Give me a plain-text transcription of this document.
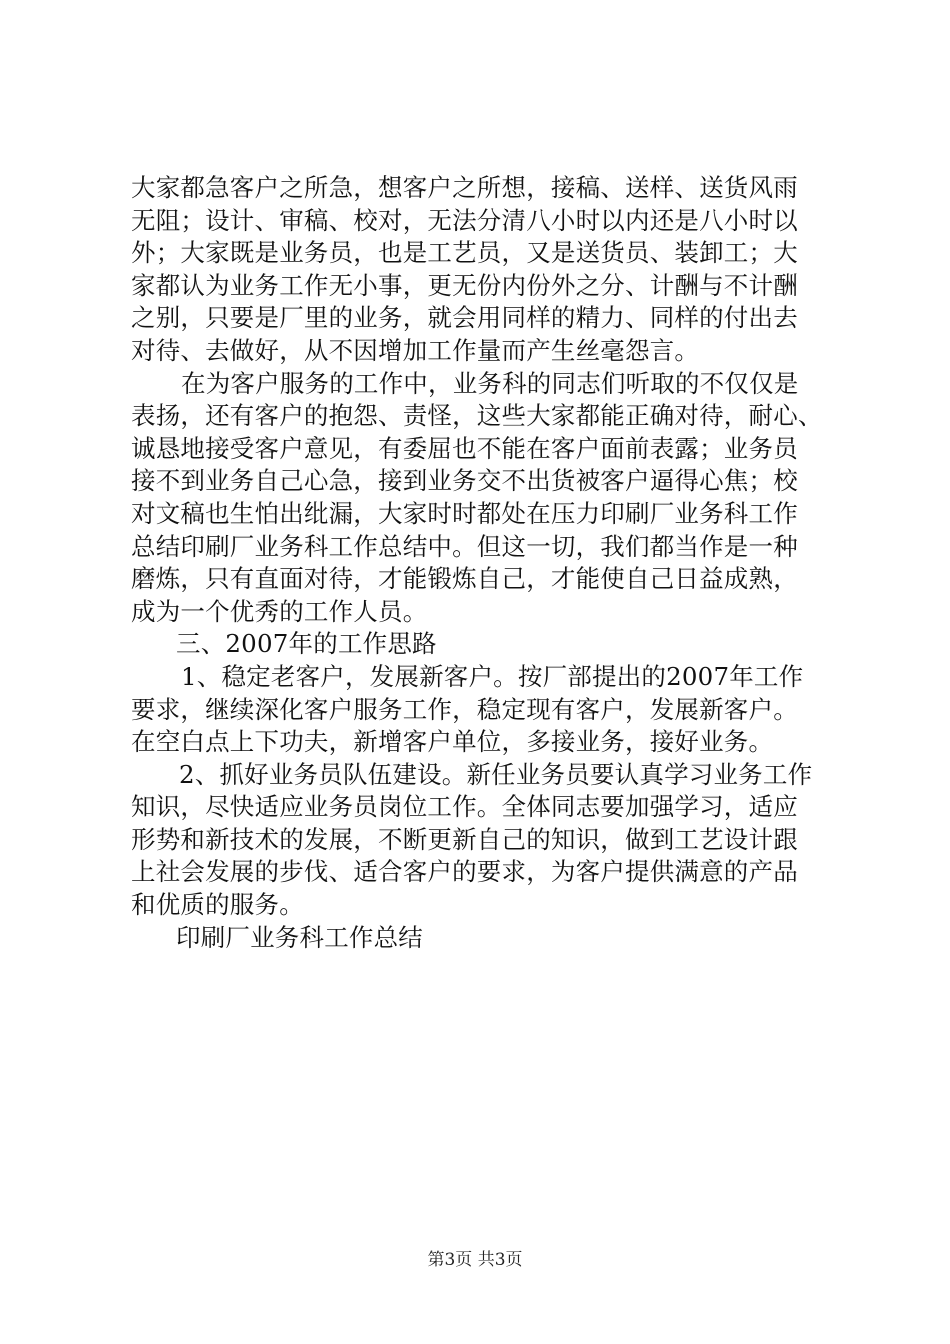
大家都急客户之所急，想客户之所想，接稿、送样、送货风雨
无阻；设计、审稿、校对，无法分清八小时以内还是八小时以
外；大家既是业务员，也是工艺员，又是送货员、装卸工；大
家都认为业务工作无小事，更无份内份外之分、计酬与不计酬
之别，只要是厂里的业务，就会用同样的精力、同样的付出去
对待、去做好，从不因增加工作量而产生丝毫怨言。
在为客户服务的工作中，业务科的同志们听取的不仅仅是
表扬，还有客户的抱怨、责怪，这些大家都能正确对待，耐心、
诚恳地接受客户意见，有委屈也不能在客户面前表露；业务员
接不到业务自己心急，接到业务交不出货被客户逼得心焦；校
对文稿也生怕出纰漏，大家时时都处在压力印刷厂业务科工作
总结印刷厂业务科工作总结中。但这一切，我们都当作是一种
磨炼，只有直面对待，才能锻炼自己，才能使自己日益成熟，
成为一个优秀的工作人员。
三、2007年的工作思路
1、稳定老客户，发展新客户。按厂部提出的2007年工作
要求，继续深化客户服务工作，稳定现有客户，发展新客户。
在空白点上下功夫，新增客户单位，多接业务，接好业务。
2、抓好业务员队伍建设。新任业务员要认真学习业务工作
知识，尽快适应业务员岗位工作。全体同志要加强学习，适应
形势和新技术的发展，不断更新自己的知识，做到工艺设计跟
上社会发展的步伐、适合客户的要求，为客户提供满意的产品
和优质的服务。
印刷厂业务科工作总结
第3页 共3页
